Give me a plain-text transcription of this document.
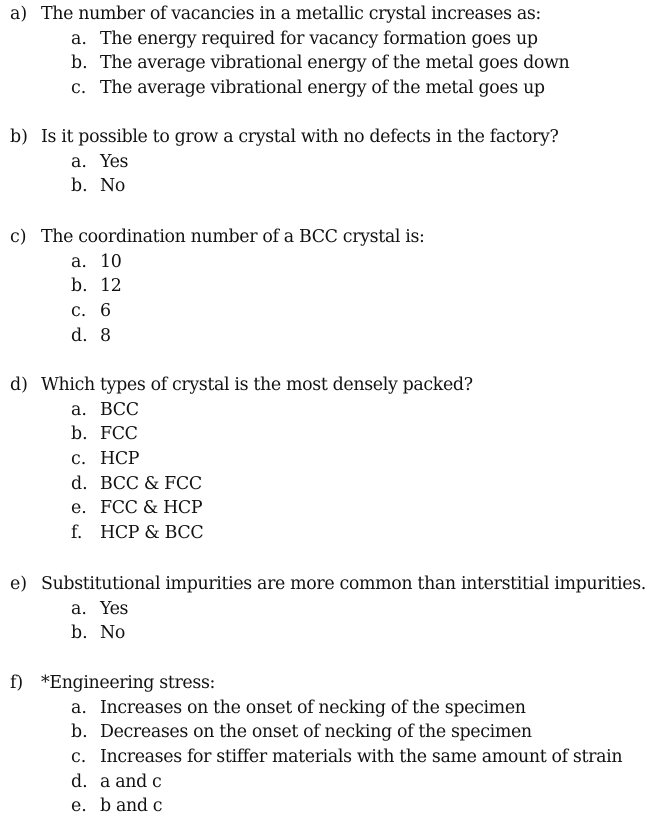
a) The number of vacancies in a metallic crystal increases as:
a. The energy required for vacancy formation goes up
b. The average vibrational energy of the metal goes down
c. The average vibrational energy of the metal goes up
b) Is it possible to grow a crystal with no defects in the factory?
a. Yes
b. No
c) The coordination number of a BCC crystal is:
a. 10
b. 12
c. 6
d. 8
d) Which types of crystal is the most densely packed?
a. BCC
b. FCC
c. HCP
d. BCC & FCC
e. FCC & HCP
f. HCP & BCC
e) Substitutional impurities are more common than interstitial impurities.
a. Yes
b. No
f) *Engineering stress:
a. Increases on the onset of necking of the specimen
b. Decreases on the onset of necking of the specimen
c. Increases for stiffer materials with the same amount of strain
d. a and c
e. b and c
